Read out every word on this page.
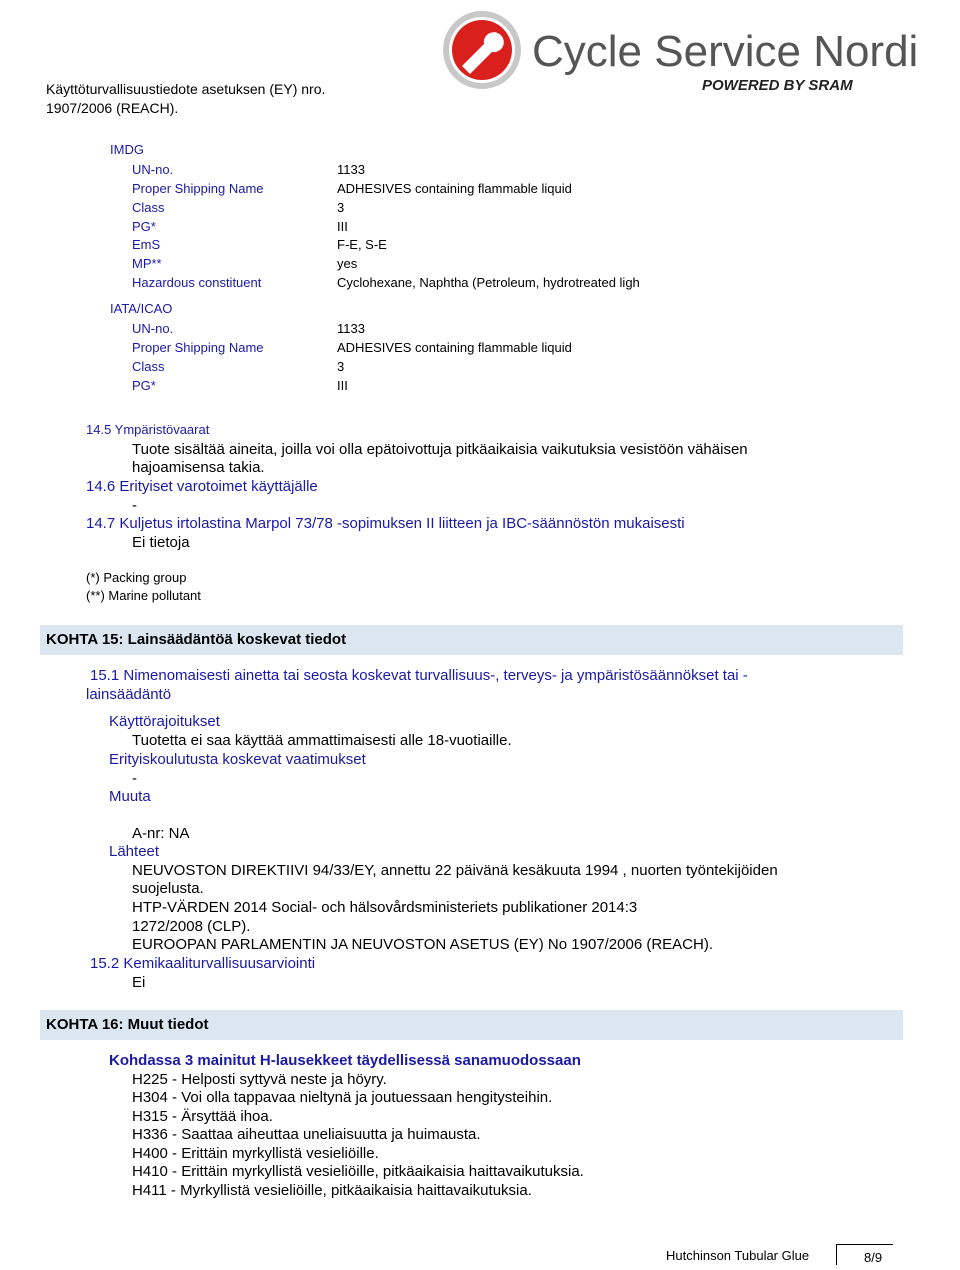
Käyttöturvallisuustiedote asetuksen (EY) nro.
1907/2006 (REACH).
Cycle Service Nordic
POWERED BY SRAM
IMDG
UN-no.	1133
Proper Shipping Name	ADHESIVES containing flammable liquid
Class	3
PG*	III
EmS	F-E, S-E
MP**	yes
Hazardous constituent	Cyclohexane, Naphtha (Petroleum, hydrotreated ligh
IATA/ICAO
UN-no.	1133
Proper Shipping Name	ADHESIVES containing flammable liquid
Class	3
PG*	III
14.5 Ympäristövaarat
Tuote sisältää aineita, joilla voi olla epätoivottuja pitkäaikaisia vaikutuksia vesistöön vähäisen
hajoamisensa takia.
14.6 Erityiset varotoimet käyttäjälle
-
14.7 Kuljetus irtolastina Marpol 73/78 -sopimuksen II liitteen ja IBC-säännöstön mukaisesti
Ei tietoja
(*) Packing group
(**) Marine pollutant
KOHTA 15: Lainsäädäntöä koskevat tiedot
15.1 Nimenomaisesti ainetta tai seosta koskevat turvallisuus-, terveys- ja ympäristösäännökset tai -
lainsäädäntö
Käyttörajoitukset
Tuotetta ei saa käyttää ammattimaisesti alle 18-vuotiaille.
Erityiskoulutusta koskevat vaatimukset
-
Muuta
A-nr: NA
Lähteet
NEUVOSTON DIREKTIIVI 94/33/EY, annettu 22 päivänä kesäkuuta 1994 , nuorten työntekijöiden
suojelusta.
HTP-VÄRDEN 2014 Social- och hälsovårdsministeriets publikationer 2014:3
1272/2008 (CLP).
EUROOPAN PARLAMENTIN JA NEUVOSTON ASETUS (EY) No 1907/2006 (REACH).
15.2 Kemikaaliturvallisuusarviointi
Ei
KOHTA 16: Muut tiedot
Kohdassa 3 mainitut H-lausekkeet täydellisessä sanamuodossaan
H225 - Helposti syttyvä neste ja höyry.
H304 - Voi olla tappavaa nieltynä ja joutuessaan hengitysteihin.
H315 - Ärsyttää ihoa.
H336 - Saattaa aiheuttaa uneliaisuutta ja huimausta.
H400 - Erittäin myrkyllistä vesieliöille.
H410 - Erittäin myrkyllistä vesieliöille, pitkäaikaisia haittavaikutuksia.
H411 - Myrkyllistä vesieliöille, pitkäaikaisia haittavaikutuksia.
Hutchinson Tubular Glue	8/9
